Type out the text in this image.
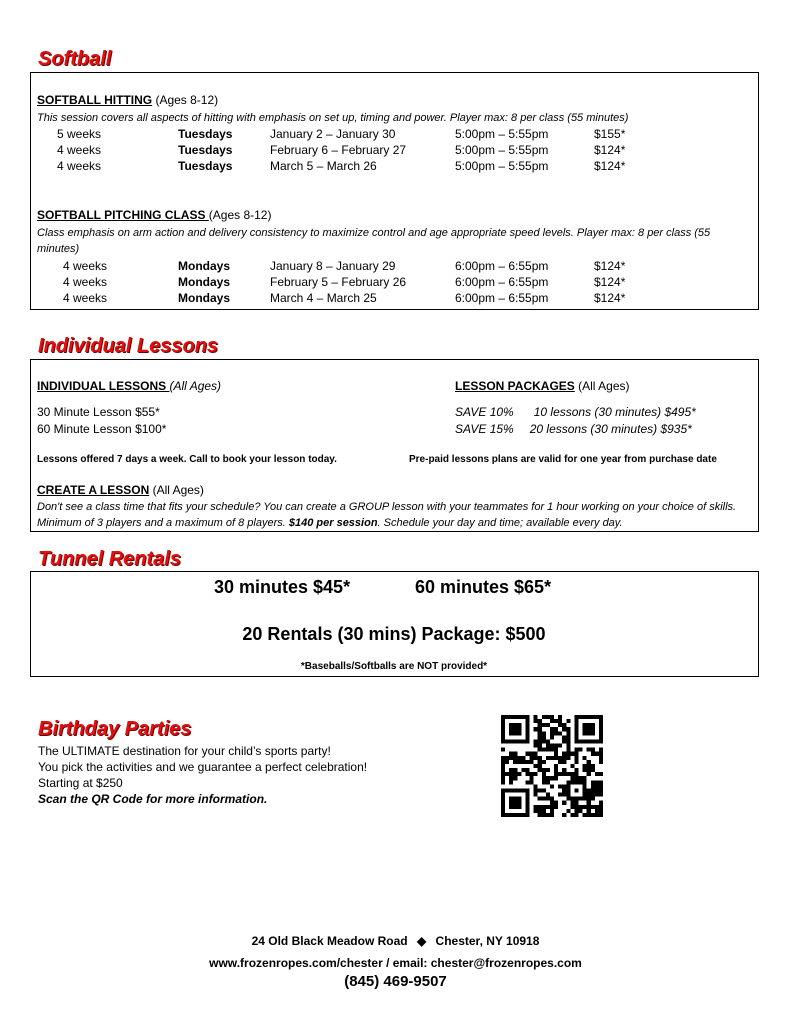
Softball
SOFTBALL HITTING (Ages 8-12)
This session covers all aspects of hitting with emphasis on set up, timing and power. Player max: 8 per class (55 minutes)
5 weeks	Tuesdays	January 2 – January 30	5:00pm – 5:55pm	$155*
4 weeks	Tuesdays	February 6 – February 27	5:00pm – 5:55pm	$124*
4 weeks	Tuesdays	March 5 – March 26	5:00pm – 5:55pm	$124*
SOFTBALL PITCHING CLASS (Ages 8-12)
Class emphasis on arm action and delivery consistency to maximize control and age appropriate speed levels. Player max: 8 per class (55 minutes)
4 weeks	Mondays	January 8 – January 29	6:00pm – 6:55pm	$124*
4 weeks	Mondays	February 5 – February 26	6:00pm – 6:55pm	$124*
4 weeks	Mondays	March 4 – March 25	6:00pm – 6:55pm	$124*
Individual Lessons
INDIVIDUAL LESSONS (All Ages)	LESSON PACKAGES (All Ages)
30 Minute Lesson $55*
60 Minute Lesson $100*
SAVE 10% 10 lessons (30 minutes) $495*
SAVE 15% 20 lessons (30 minutes) $935*
Lessons offered 7 days a week. Call to book your lesson today.	Pre-paid lessons plans are valid for one year from purchase date
CREATE A LESSON (All Ages)
Don't see a class time that fits your schedule? You can create a GROUP lesson with your teammates for 1 hour working on your choice of skills. Minimum of 3 players and a maximum of 8 players. $140 per session. Schedule your day and time; available every day.
Tunnel Rentals
30 minutes $45*	60 minutes $65*
20 Rentals (30 mins) Package: $500
*Baseballs/Softballs are NOT provided*
Birthday Parties
The ULTIMATE destination for your child’s sports party!
You pick the activities and we guarantee a perfect celebration!
Starting at $250
Scan the QR Code for more information.
24 Old Black Meadow Road ◆ Chester, NY 10918
www.frozenropes.com/chester / email: chester@frozenropes.com
(845) 469-9507
